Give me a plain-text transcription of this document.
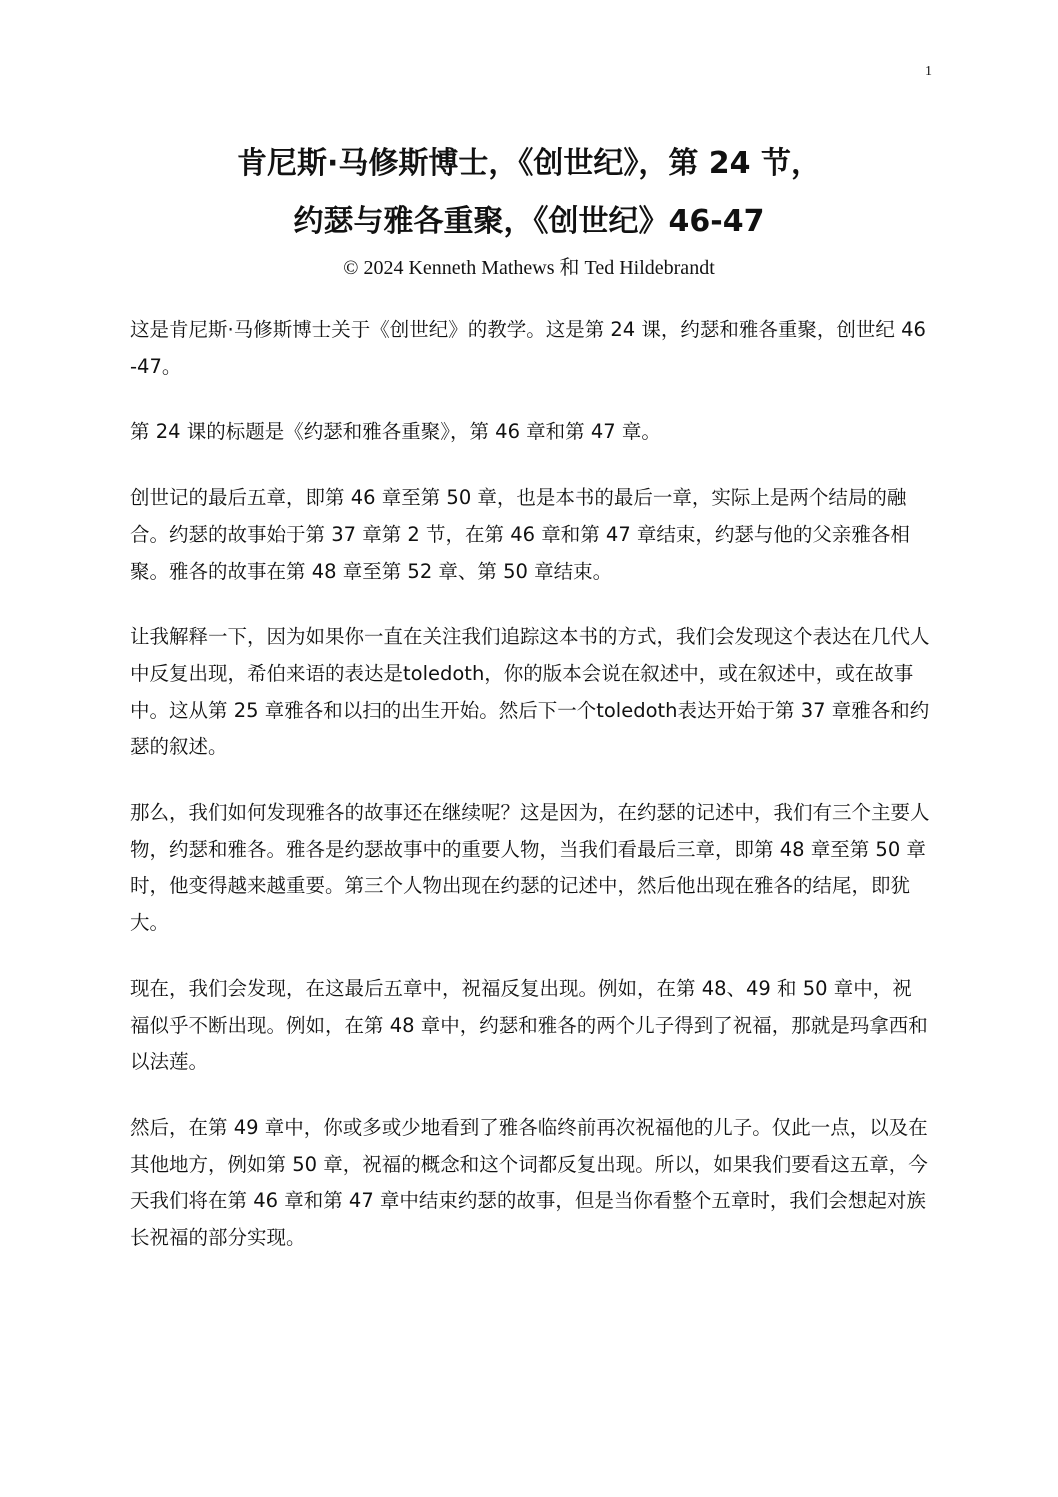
1
肯尼斯·马修斯博士，《创世纪》，第 24 节，
约瑟与雅各重聚，《创世纪》46-47
© 2024 Kenneth Mathews 和 Ted Hildebrandt

这是肯尼斯·马修斯博士关于《创世纪》的教学。这是第 24 课，约瑟和雅各重聚，创世纪 46-47。

第 24 课的标题是《约瑟和雅各重聚》，第 46 章和第 47 章。

创世记的最后五章，即第 46 章至第 50 章，也是本书的最后一章，实际上是两个结局的融合。约瑟的故事始于第 37 章第 2 节，在第 46 章和第 47 章结束，约瑟与他的父亲雅各相聚。雅各的故事在第 48 章至第 52 章、第 50 章结束。

让我解释一下，因为如果你一直在关注我们追踪这本书的方式，我们会发现这个表达在几代人中反复出现，希伯来语的表达是toledoth，你的版本会说在叙述中，或在叙述中，或在故事中。这从第 25 章雅各和以扫的出生开始。然后下一个toledoth表达开始于第 37 章雅各和约瑟的叙述。

那么，我们如何发现雅各的故事还在继续呢？这是因为，在约瑟的记述中，我们有三个主要人物，约瑟和雅各。雅各是约瑟故事中的重要人物，当我们看最后三章，即第 48 章至第 50 章时，他变得越来越重要。第三个人物出现在约瑟的记述中，然后他出现在雅各的结尾，即犹大。

现在，我们会发现，在这最后五章中，祝福反复出现。例如，在第 48、49 和 50 章中，祝福似乎不断出现。例如，在第 48 章中，约瑟和雅各的两个儿子得到了祝福，那就是玛拿西和以法莲。

然后，在第 49 章中，你或多或少地看到了雅各临终前再次祝福他的儿子。仅此一点，以及在其他地方，例如第 50 章，祝福的概念和这个词都反复出现。所以，如果我们要看这五章，今天我们将在第 46 章和第 47 章中结束约瑟的故事，但是当你看整个五章时，我们会想起对族长祝福的部分实现。
